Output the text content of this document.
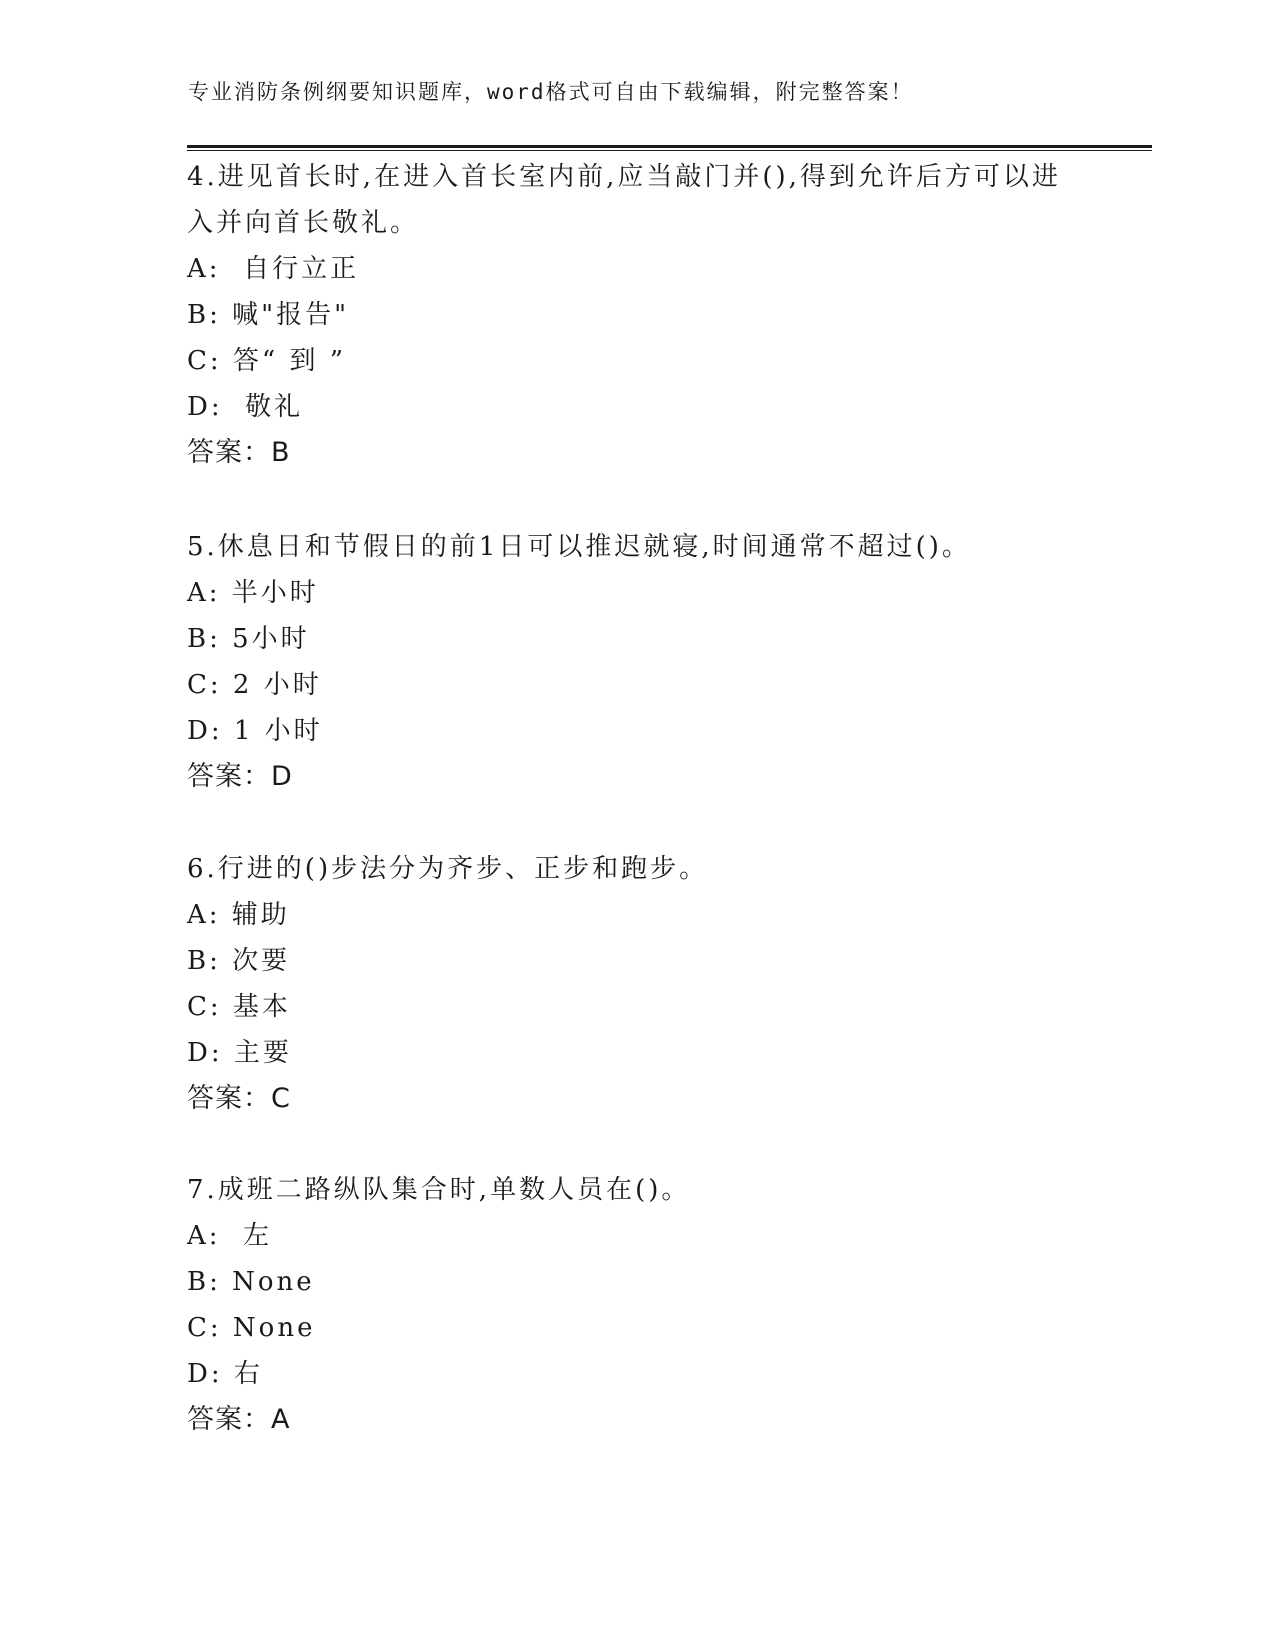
专业消防条例纲要知识题库，word格式可自由下载编辑，附完整答案！
4.进见首长时,在进入首长室内前,应当敲门并(),得到允许后方可以进
入并向首长敬礼。
A:  自行立正
B: 喊"报告"
C: 答“ 到 ”
D:  敬礼
答案：B
5.休息日和节假日的前1日可以推迟就寝,时间通常不超过()。
A: 半小时
B: 5小时
C: 2 小时
D: 1 小时
答案：D
6.行进的()步法分为齐步、正步和跑步。
A: 辅助
B: 次要
C: 基本
D: 主要
答案：C
7.成班二路纵队集合时,单数人员在()。
A:  左
B: None
C: None
D: 右
答案：A
